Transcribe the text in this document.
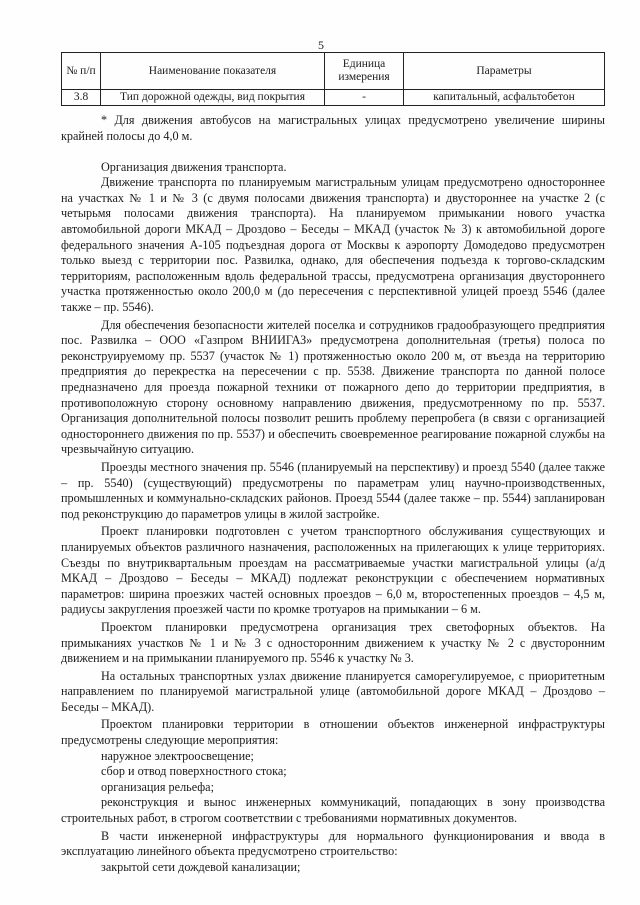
5
№ п/п	Наименование показателя	Единица измерения	Параметры
3.8	Тип дорожной одежды, вид покрытия	-	капитальный, асфальтобетон

* Для движения автобусов на магистральных улицах предусмотрено увеличение ширины крайней полосы до 4,0 м.

Организация движения транспорта.

Движение транспорта по планируемым магистральным улицам предусмотрено одностороннее на участках № 1 и № 3 (с двумя полосами движения транспорта) и двустороннее на участке 2 (с четырьмя полосами движения транспорта). На планируемом примыкании нового участка автомобильной дороги МКАД – Дроздово – Беседы – МКАД (участок № 3) к автомобильной дороге федерального значения А-105 подъездная дорога от Москвы к аэропорту Домодедово предусмотрен только выезд с территории пос. Развилка, однако, для обеспечения подъезда к торгово-складским территориям, расположенным вдоль федеральной трассы, предусмотрена организация двустороннего участка протяженностью около 200,0 м (до пересечения с перспективной улицей проезд 5546 (далее также – пр. 5546).

Для обеспечения безопасности жителей поселка и сотрудников градообразующего предприятия пос. Развилка – ООО «Газпром ВНИИГАЗ» предусмотрена дополнительная (третья) полоса по реконструируемому пр. 5537 (участок № 1) протяженностью около 200 м, от въезда на территорию предприятия до перекрестка на пересечении с пр. 5538. Движение транспорта по данной полосе предназначено для проезда пожарной техники от пожарного депо до территории предприятия, в противоположную сторону основному направлению движения, предусмотренному по пр. 5537. Организация дополнительной полосы позволит решить проблему перепробега (в связи с организацией одностороннего движения по пр. 5537) и обеспечить своевременное реагирование пожарной службы на чрезвычайную ситуацию.

Проезды местного значения пр. 5546 (планируемый на перспективу) и проезд 5540 (далее также – пр. 5540) (существующий) предусмотрены по параметрам улиц научно-производственных, промышленных и коммунально-складских районов. Проезд 5544 (далее также – пр. 5544) запланирован под реконструкцию до параметров улицы в жилой застройке.

Проект планировки подготовлен с учетом транспортного обслуживания существующих и планируемых объектов различного назначения, расположенных на прилегающих к улице территориях. Съезды по внутриквартальным проездам на рассматриваемые участки магистральной улицы (а/д МКАД – Дроздово – Беседы – МКАД) подлежат реконструкции с обеспечением нормативных параметров: ширина проезжих частей основных проездов – 6,0 м, второстепенных проездов – 4,5 м, радиусы закругления проезжей части по кромке тротуаров на примыкании – 6 м.

Проектом планировки предусмотрена организация трех светофорных объектов. На примыканиях участков № 1 и № 3 с односторонним движением к участку № 2 с двусторонним движением и на примыкании планируемого пр. 5546 к участку № 3.

На остальных транспортных узлах движение планируется саморегулируемое, с приоритетным направлением по планируемой магистральной улице (автомобильной дороге МКАД – Дроздово – Беседы – МКАД).

Проектом планировки территории в отношении объектов инженерной инфраструктуры предусмотрены следующие мероприятия:

наружное электроосвещение;

сбор и отвод поверхностного стока;

организация рельефа;

реконструкция и вынос инженерных коммуникаций, попадающих в зону производства строительных работ, в строгом соответствии с требованиями нормативных документов.

В части инженерной инфраструктуры для нормального функционирования и ввода в эксплуатацию линейного объекта предусмотрено строительство:

закрытой сети дождевой канализации;
